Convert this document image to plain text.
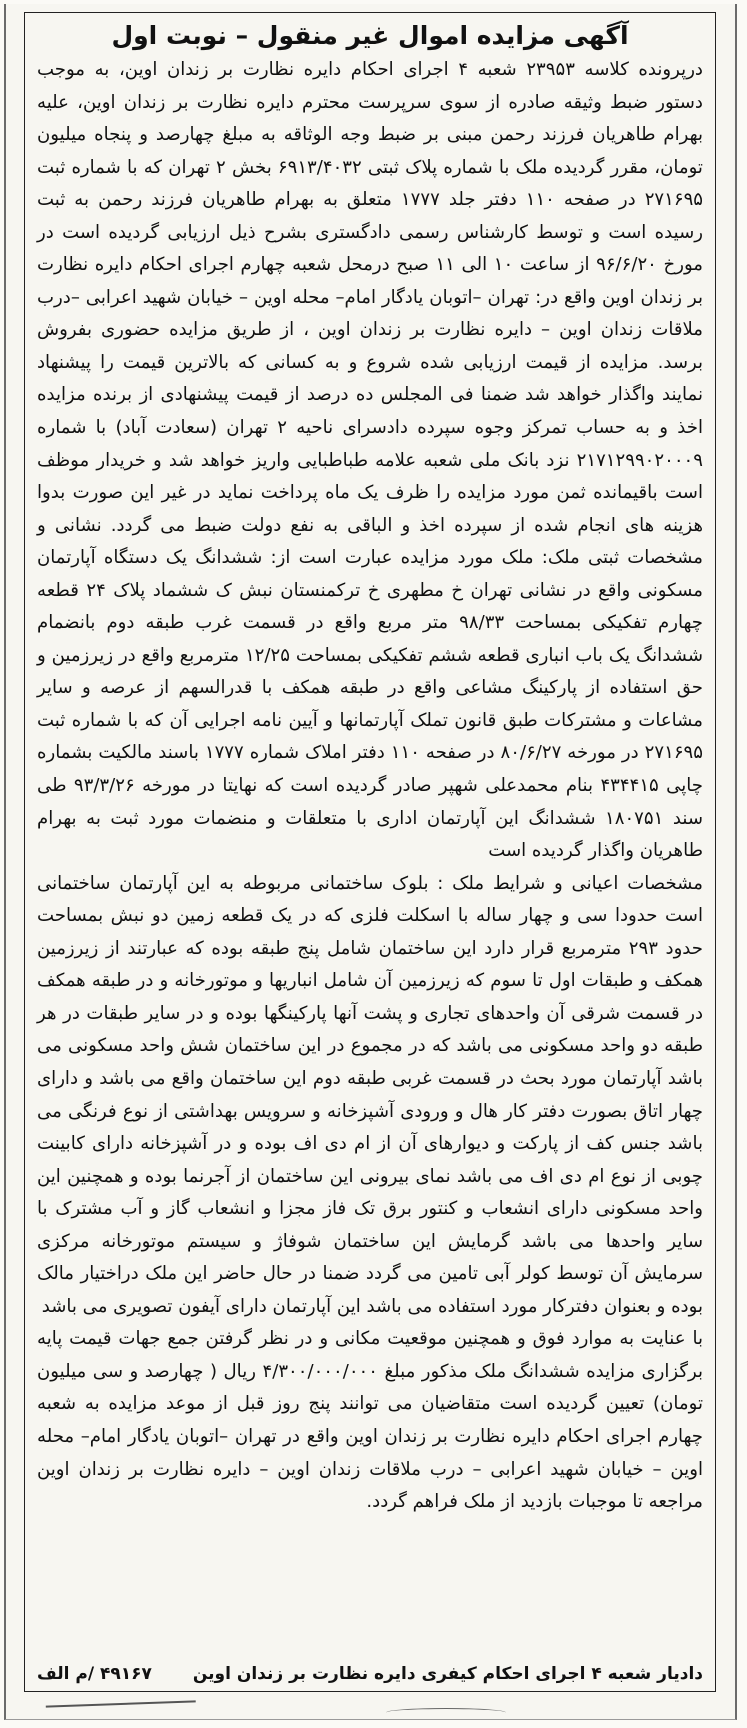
آگهی مزایده اموال غیر منقول – نوبت اول

درپرونده کلاسه ۲۳۹۵۳ شعبه ۴ اجرای احکام دایره نظارت بر زندان اوین، به موجب دستور ضبط وثیقه صادره از سوی سرپرست محترم دایره نظارت بر زندان اوین، علیه بهرام طاهریان فرزند رحمن مبنی بر ضبط وجه الوثاقه به مبلغ چهارصد و پنجاه میلیون تومان، مقرر گردیده ملک با شماره پلاک ثبتی ۶۹۱۳/۴۰۳۲ بخش ۲ تهران که با شماره ثبت ۲۷۱۶۹۵ در صفحه ۱۱۰ دفتر جلد ۱۷۷۷ متعلق به بهرام طاهریان فرزند رحمن به ثبت رسیده است و توسط کارشناس رسمی دادگستری بشرح ذیل ارزیابی گردیده است در مورخ ۹۶/۶/۲۰ از ساعت ۱۰ الی ۱۱ صبح درمحل شعبه چهارم اجرای احکام دایره نظارت بر زندان اوین واقع در: تهران –اتوبان یادگار امام– محله اوین – خیابان شهید اعرابی –درب ملاقات زندان اوین – دایره نظارت بر زندان اوین ، از طریق مزایده حضوری بفروش برسد. مزایده از قیمت ارزیابی شده شروع و به کسانی که بالاترین قیمت را پیشنهاد نمایند واگذار خواهد شد ضمنا فی المجلس ده درصد از قیمت پیشنهادی از برنده مزایده اخذ و به حساب تمرکز وجوه سپرده دادسرای ناحیه ۲ تهران (سعادت آباد) با شماره ۲۱۷۱۲۹۹۰۲۰۰۰۹ نزد بانک ملی شعبه علامه طباطبایی واریز خواهد شد و خریدار موظف است باقیمانده ثمن مورد مزایده را ظرف یک ماه پرداخت نماید در غیر این صورت بدوا هزینه های انجام شده از سپرده اخذ و الباقی به نفع دولت ضبط می گردد. نشانی و مشخصات ثبتی ملک: ملک مورد مزایده عبارت است از: ششدانگ یک دستگاه آپارتمان مسکونی واقع در نشانی تهران خ مطهری خ ترکمنستان نبش ک ششماد پلاک ۲۴ قطعه چهارم تفکیکی بمساحت ۹۸/۳۳ متر مربع واقع در قسمت غرب طبقه دوم بانضمام ششدانگ یک باب انباری قطعه ششم تفکیکی بمساحت ۱۲/۲۵ مترمربع واقع در زیرزمین و حق استفاده از پارکینگ مشاعی واقع در طبقه همکف با قدرالسهم از عرصه و سایر مشاعات و مشترکات طبق قانون تملک آپارتمانها و آیین نامه اجرایی آن که با شماره ثبت ۲۷۱۶۹۵ در مورخه ۸۰/۶/۲۷ در صفحه ۱۱۰ دفتر املاک شماره ۱۷۷۷ باسند مالکیت بشماره چاپی ۴۳۴۴۱۵ بنام محمدعلی شهپر صادر گردیده است که نهایتا در مورخه ۹۳/۳/۲۶ طی سند ۱۸۰۷۵۱ ششدانگ این آپارتمان اداری با متعلقات و منضمات مورد ثبت به بهرام طاهریان واگذار گردیده است

مشخصات اعیانی و شرایط ملک : بلوک ساختمانی مربوطه به این آپارتمان ساختمانی است حدودا سی و چهار ساله با اسکلت فلزی که در یک قطعه زمین دو نبش بمساحت حدود ۲۹۳ مترمربع قرار دارد این ساختمان شامل پنج طبقه بوده که عبارتند از زیرزمین همکف و طبقات اول تا سوم که زیرزمین آن شامل انباریها و موتورخانه و در طبقه همکف در قسمت شرقی آن واحدهای تجاری و پشت آنها پارکینگها بوده و در سایر طبقات در هر طبقه دو واحد مسکونی می باشد که در مجموع در این ساختمان شش واحد مسکونی می باشد آپارتمان مورد بحث در قسمت غربی طبقه دوم این ساختمان واقع می باشد و دارای چهار اتاق بصورت دفتر کار هال و ورودی آشپزخانه و سرویس بهداشتی از نوع فرنگی می باشد جنس کف از پارکت و دیوارهای آن از ام دی اف بوده و در آشپزخانه دارای کابینت چوبی از نوع ام دی اف می باشد نمای بیرونی این ساختمان از آجرنما بوده و همچنین این واحد مسکونی دارای انشعاب و کنتور برق تک فاز مجزا و انشعاب گاز و آب مشترک با سایر واحدها می باشد گرمایش این ساختمان شوفاژ و سیستم موتورخانه مرکزی سرمایش آن توسط کولر آبی تامین می گردد ضمنا در حال حاضر این ملک دراختیار مالک بوده و بعنوان دفترکار مورد استفاده می باشد این آپارتمان دارای آیفون تصویری می باشد

با عنایت به موارد فوق و همچنین موقعیت مکانی و در نظر گرفتن جمع جهات قیمت پایه برگزاری مزایده ششدانگ ملک مذکور مبلغ ۴/۳۰۰/۰۰۰/۰۰۰ ریال ( چهارصد و سی میلیون تومان) تعیین گردیده است متقاضیان می توانند پنج روز قبل از موعد مزایده به شعبه چهارم اجرای احکام دایره نظارت بر زندان اوین واقع در تهران –اتوبان یادگار امام– محله اوین – خیابان شهید اعرابی – درب ملاقات زندان اوین – دایره نظارت بر زندان اوین مراجعه تا موجبات بازدید از ملک فراهم گردد.

دادیار شعبه ۴ اجرای احکام کیفری دایره نظارت بر زندان اوین
۴۹۱۶۷ /م الف
